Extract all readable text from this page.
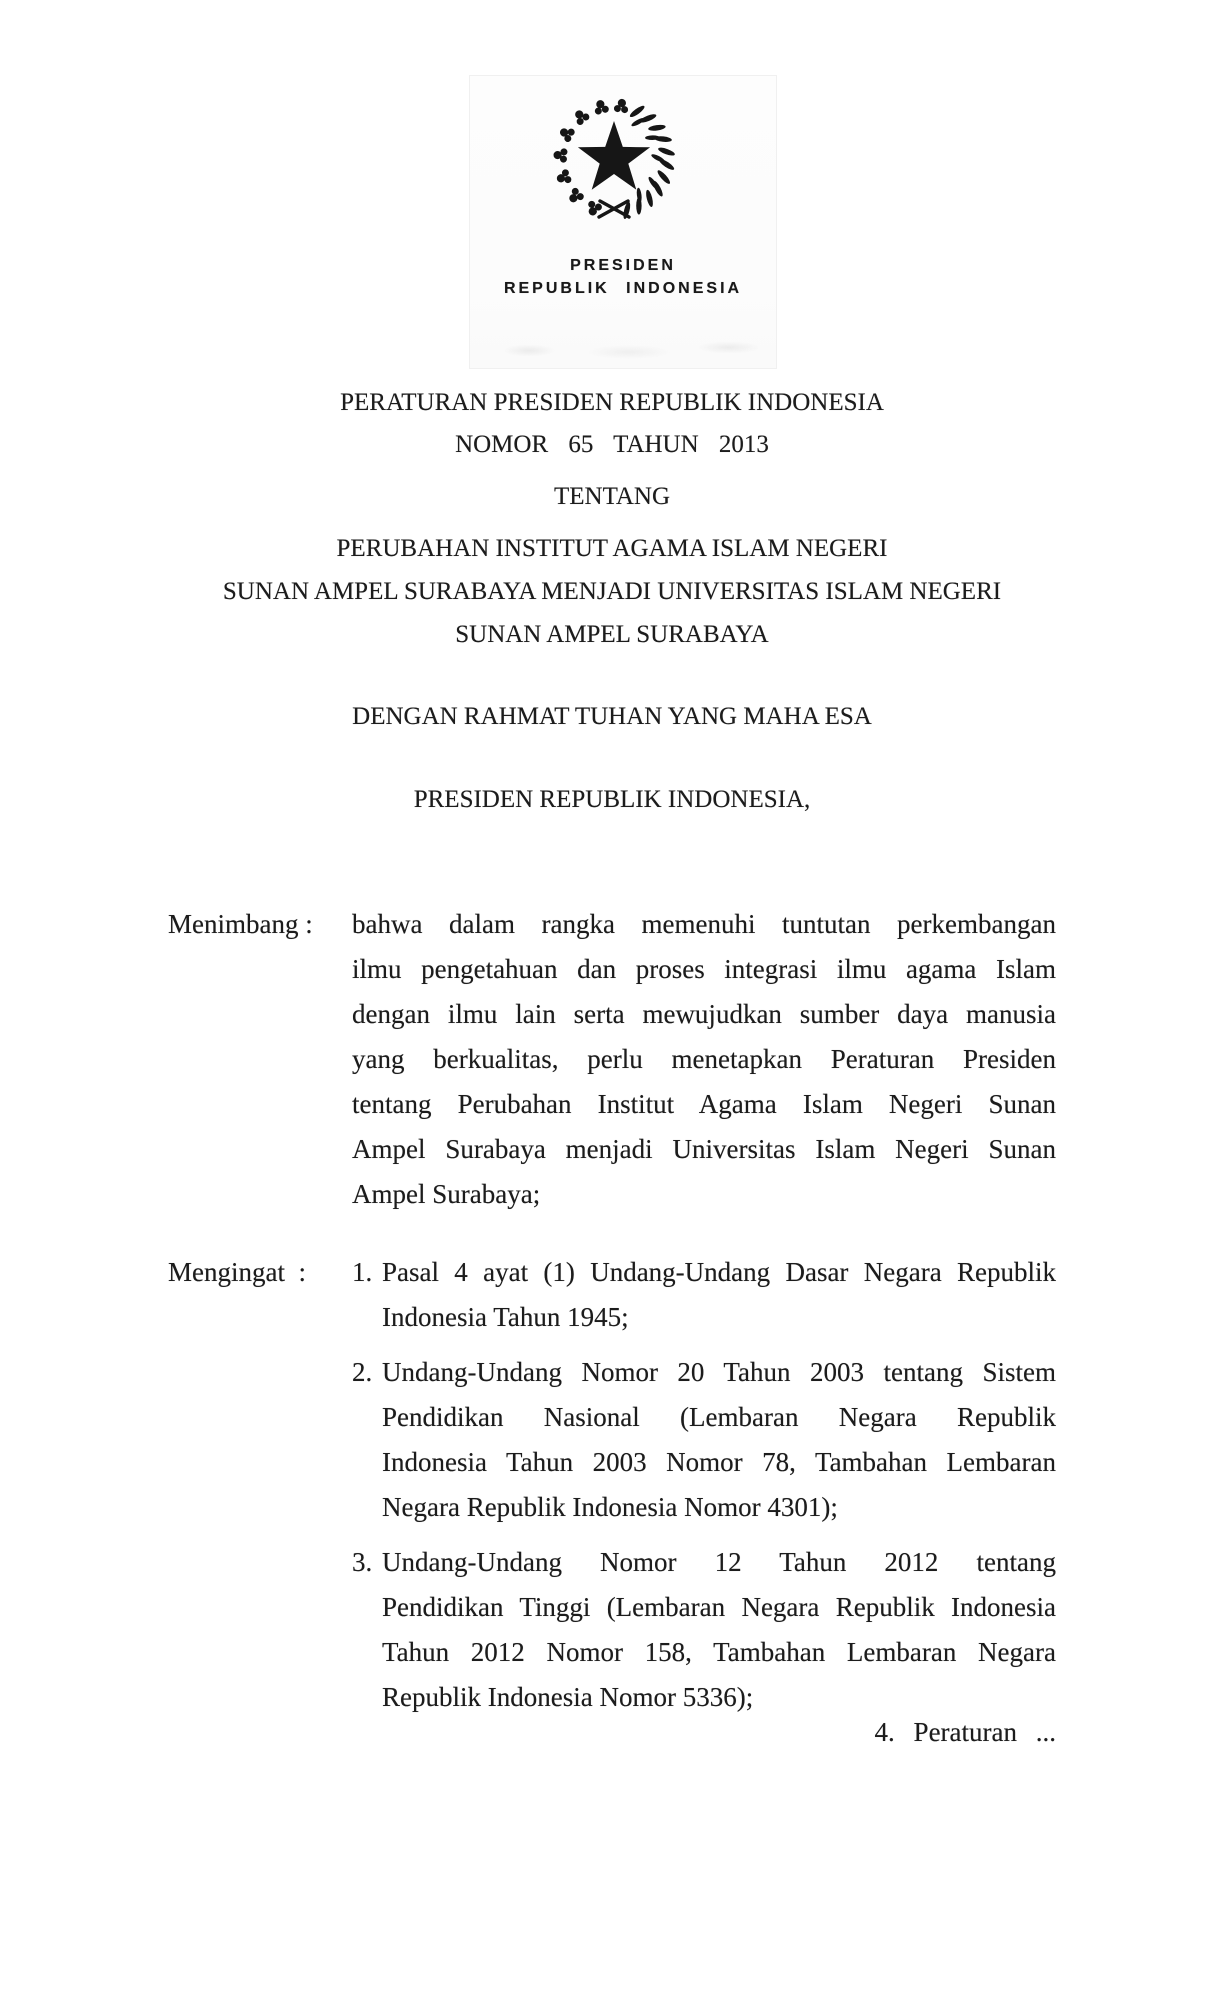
PRESIDEN
REPUBLIK INDONESIA
PERATURAN PRESIDEN REPUBLIK INDONESIA
NOMOR 65 TAHUN 2013
TENTANG
PERUBAHAN INSTITUT AGAMA ISLAM NEGERI
SUNAN AMPEL SURABAYA MENJADI UNIVERSITAS ISLAM NEGERI
SUNAN AMPEL SURABAYA
DENGAN RAHMAT TUHAN YANG MAHA ESA
PRESIDEN REPUBLIK INDONESIA,
Menimbang :	bahwa dalam rangka memenuhi tuntutan perkembangan
ilmu pengetahuan dan proses integrasi ilmu agama Islam
dengan ilmu lain serta mewujudkan sumber daya manusia
yang berkualitas, perlu menetapkan Peraturan Presiden
tentang Perubahan Institut Agama Islam Negeri Sunan
Ampel Surabaya menjadi Universitas Islam Negeri Sunan
Ampel Surabaya;
Mengingat  :	1. Pasal 4 ayat (1) Undang-Undang Dasar Negara Republik
Indonesia Tahun 1945;
2. Undang-Undang Nomor 20 Tahun 2003 tentang Sistem
Pendidikan Nasional (Lembaran Negara Republik
Indonesia Tahun 2003 Nomor 78, Tambahan Lembaran
Negara Republik Indonesia Nomor 4301);
3. Undang-Undang Nomor 12 Tahun 2012 tentang
Pendidikan Tinggi (Lembaran Negara Republik Indonesia
Tahun 2012 Nomor 158, Tambahan Lembaran Negara
Republik Indonesia Nomor 5336);
4. Peraturan ...
